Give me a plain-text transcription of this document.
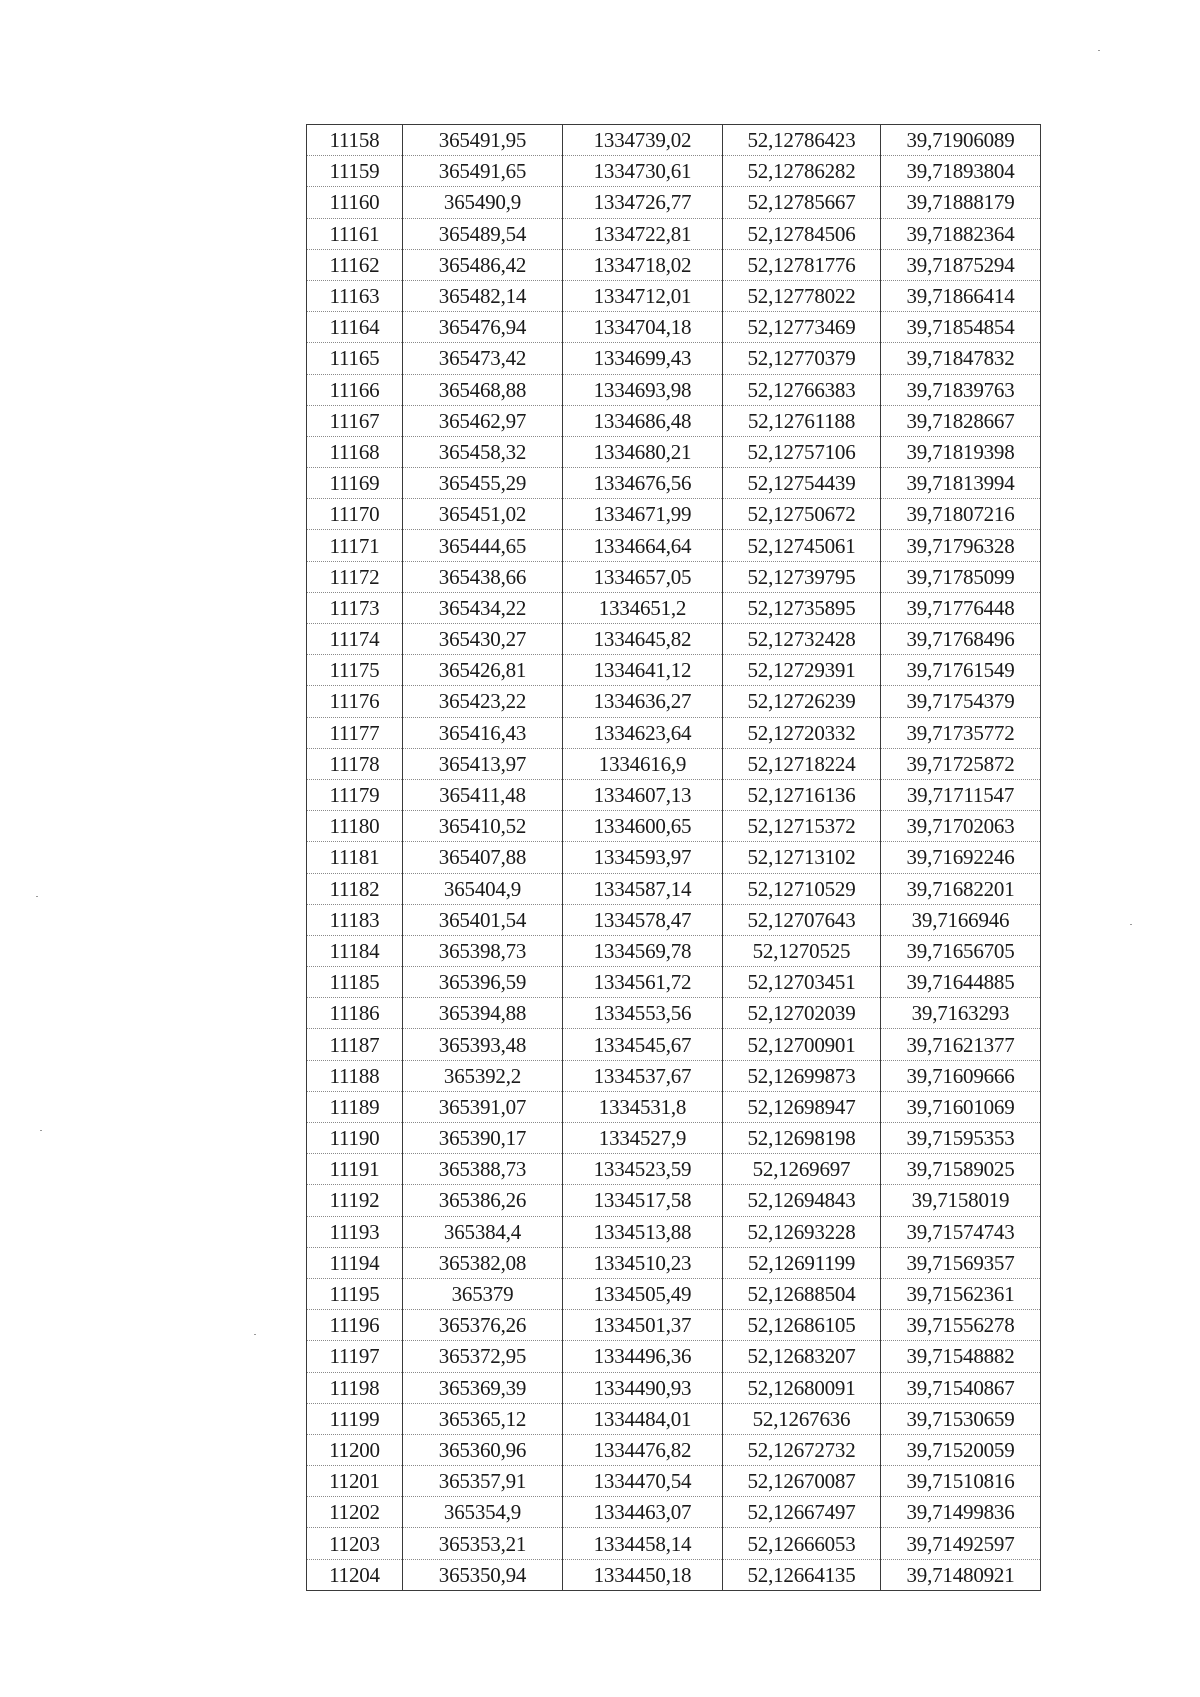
11158	365491,95	1334739,02	52,12786423	39,71906089
11159	365491,65	1334730,61	52,12786282	39,71893804
11160	365490,9	1334726,77	52,12785667	39,71888179
11161	365489,54	1334722,81	52,12784506	39,71882364
11162	365486,42	1334718,02	52,12781776	39,71875294
11163	365482,14	1334712,01	52,12778022	39,71866414
11164	365476,94	1334704,18	52,12773469	39,71854854
11165	365473,42	1334699,43	52,12770379	39,71847832
11166	365468,88	1334693,98	52,12766383	39,71839763
11167	365462,97	1334686,48	52,12761188	39,71828667
11168	365458,32	1334680,21	52,12757106	39,71819398
11169	365455,29	1334676,56	52,12754439	39,71813994
11170	365451,02	1334671,99	52,12750672	39,71807216
11171	365444,65	1334664,64	52,12745061	39,71796328
11172	365438,66	1334657,05	52,12739795	39,71785099
11173	365434,22	1334651,2	52,12735895	39,71776448
11174	365430,27	1334645,82	52,12732428	39,71768496
11175	365426,81	1334641,12	52,12729391	39,71761549
11176	365423,22	1334636,27	52,12726239	39,71754379
11177	365416,43	1334623,64	52,12720332	39,71735772
11178	365413,97	1334616,9	52,12718224	39,71725872
11179	365411,48	1334607,13	52,12716136	39,71711547
11180	365410,52	1334600,65	52,12715372	39,71702063
11181	365407,88	1334593,97	52,12713102	39,71692246
11182	365404,9	1334587,14	52,12710529	39,71682201
11183	365401,54	1334578,47	52,12707643	39,7166946
11184	365398,73	1334569,78	52,1270525	39,71656705
11185	365396,59	1334561,72	52,12703451	39,71644885
11186	365394,88	1334553,56	52,12702039	39,7163293
11187	365393,48	1334545,67	52,12700901	39,71621377
11188	365392,2	1334537,67	52,12699873	39,71609666
11189	365391,07	1334531,8	52,12698947	39,71601069
11190	365390,17	1334527,9	52,12698198	39,71595353
11191	365388,73	1334523,59	52,1269697	39,71589025
11192	365386,26	1334517,58	52,12694843	39,7158019
11193	365384,4	1334513,88	52,12693228	39,71574743
11194	365382,08	1334510,23	52,12691199	39,71569357
11195	365379	1334505,49	52,12688504	39,71562361
11196	365376,26	1334501,37	52,12686105	39,71556278
11197	365372,95	1334496,36	52,12683207	39,71548882
11198	365369,39	1334490,93	52,12680091	39,71540867
11199	365365,12	1334484,01	52,1267636	39,71530659
11200	365360,96	1334476,82	52,12672732	39,71520059
11201	365357,91	1334470,54	52,12670087	39,71510816
11202	365354,9	1334463,07	52,12667497	39,71499836
11203	365353,21	1334458,14	52,12666053	39,71492597
11204	365350,94	1334450,18	52,12664135	39,71480921
